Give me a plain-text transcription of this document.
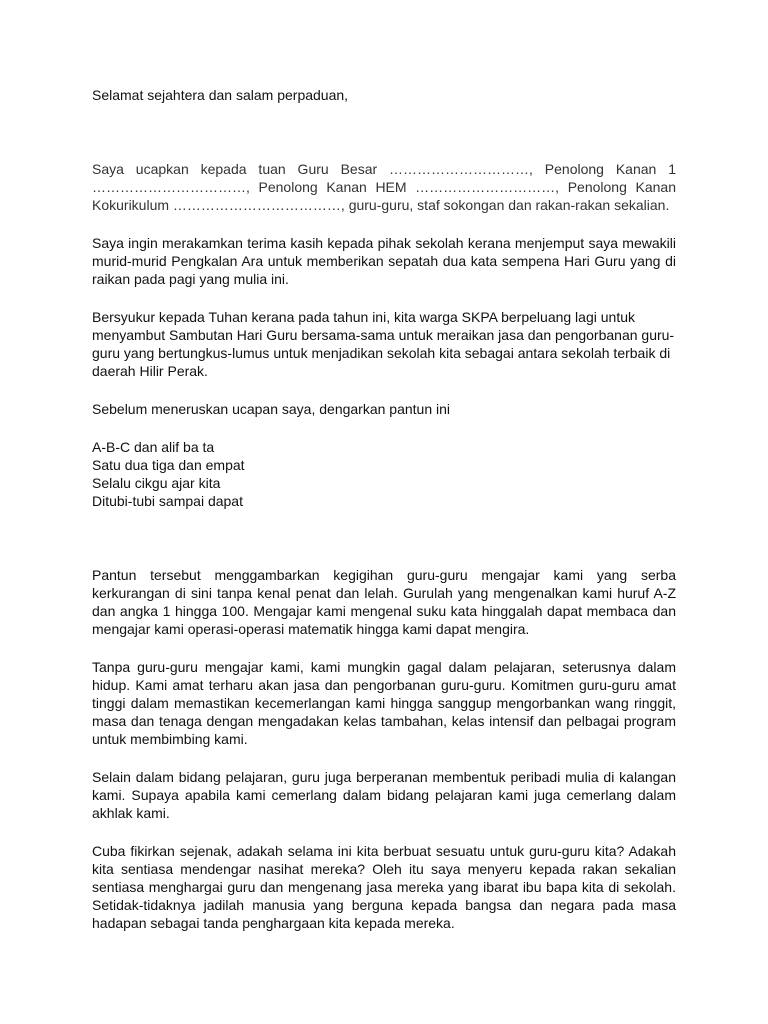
Selamat sejahtera dan salam perpaduan,

Saya ucapkan kepada tuan Guru Besar …………………………, Penolong Kanan 1 ……………………………, Penolong Kanan HEM …………………………, Penolong Kanan Kokurikulum ………………………………, guru-guru, staf sokongan dan rakan-rakan sekalian.

Saya ingin merakamkan terima kasih kepada pihak sekolah kerana menjemput saya mewakili murid-murid Pengkalan Ara untuk memberikan sepatah dua kata sempena Hari Guru yang di raikan pada pagi yang mulia ini.

Bersyukur kepada Tuhan kerana pada tahun ini, kita warga SKPA berpeluang lagi untuk menyambut Sambutan Hari Guru bersama-sama untuk meraikan jasa dan pengorbanan guru-guru yang bertungkus-lumus untuk menjadikan sekolah kita sebagai antara sekolah terbaik di daerah Hilir Perak.

Sebelum meneruskan ucapan saya, dengarkan pantun ini

A-B-C dan alif ba ta

Satu dua tiga dan empat

Selalu cikgu ajar kita

Ditubi-tubi sampai dapat

Pantun tersebut menggambarkan kegigihan guru-guru mengajar kami yang serba kerkurangan di sini tanpa kenal penat dan lelah. Gurulah yang mengenalkan kami huruf A-Z dan angka 1 hingga 100. Mengajar kami mengenal suku kata hinggalah dapat membaca dan mengajar kami operasi-operasi matematik hingga kami dapat mengira.

Tanpa guru-guru mengajar kami, kami mungkin gagal dalam pelajaran, seterusnya dalam hidup. Kami amat terharu akan jasa dan pengorbanan guru-guru. Komitmen guru-guru amat tinggi dalam memastikan kecemerlangan kami hingga sanggup mengorbankan wang ringgit, masa dan tenaga dengan mengadakan kelas tambahan, kelas intensif dan pelbagai program untuk membimbing kami.

Selain dalam bidang pelajaran, guru juga berperanan membentuk peribadi mulia di kalangan kami. Supaya apabila kami cemerlang dalam bidang pelajaran kami juga cemerlang dalam akhlak kami.

Cuba fikirkan sejenak, adakah selama ini kita berbuat sesuatu untuk guru-guru kita? Adakah kita sentiasa mendengar nasihat mereka? Oleh itu saya menyeru kepada rakan sekalian sentiasa menghargai guru dan mengenang jasa mereka yang ibarat ibu bapa kita di sekolah. Setidak-tidaknya jadilah manusia yang berguna kepada bangsa dan negara pada masa hadapan sebagai tanda penghargaan kita kepada mereka.
